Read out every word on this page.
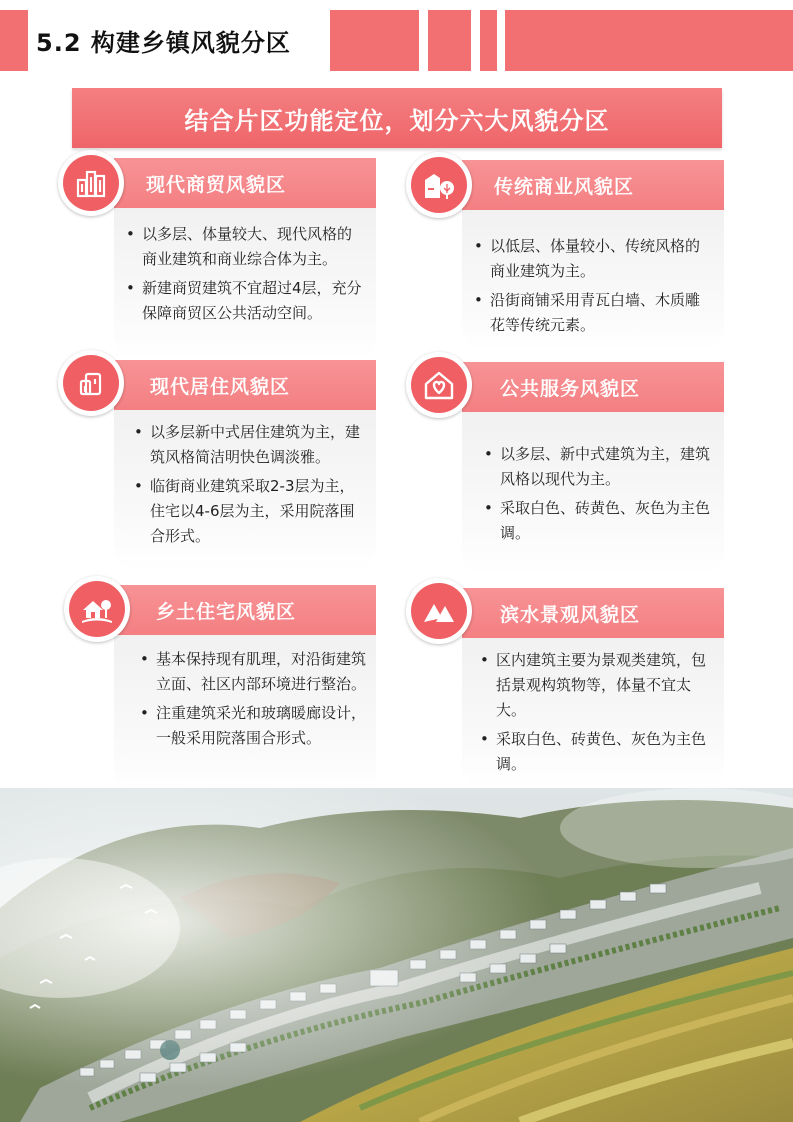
5.2 构建乡镇风貌分区
结合片区功能定位，划分六大风貌分区
现代商贸风貌区
• 以多层、体量较大、现代风格的商业建筑和商业综合体为主。
• 新建商贸建筑不宜超过4层，充分保障商贸区公共活动空间。
传统商业风貌区
• 以低层、体量较小、传统风格的商业建筑为主。
• 沿街商铺采用青瓦白墙、木质雕花等传统元素。
现代居住风貌区
• 以多层新中式居住建筑为主，建筑风格简洁明快色调淡雅。
• 临街商业建筑采取2-3层为主，住宅以4-6层为主，采用院落围合形式。
公共服务风貌区
• 以多层、新中式建筑为主，建筑风格以现代为主。
• 采取白色、砖黄色、灰色为主色调。
乡土住宅风貌区
• 基本保持现有肌理，对沿街建筑立面、社区内部环境进行整治。
• 注重建筑采光和玻璃暖廊设计，一般采用院落围合形式。
滨水景观风貌区
• 区内建筑主要为景观类建筑，包括景观构筑物等，体量不宜太大。
• 采取白色、砖黄色、灰色为主色调。
